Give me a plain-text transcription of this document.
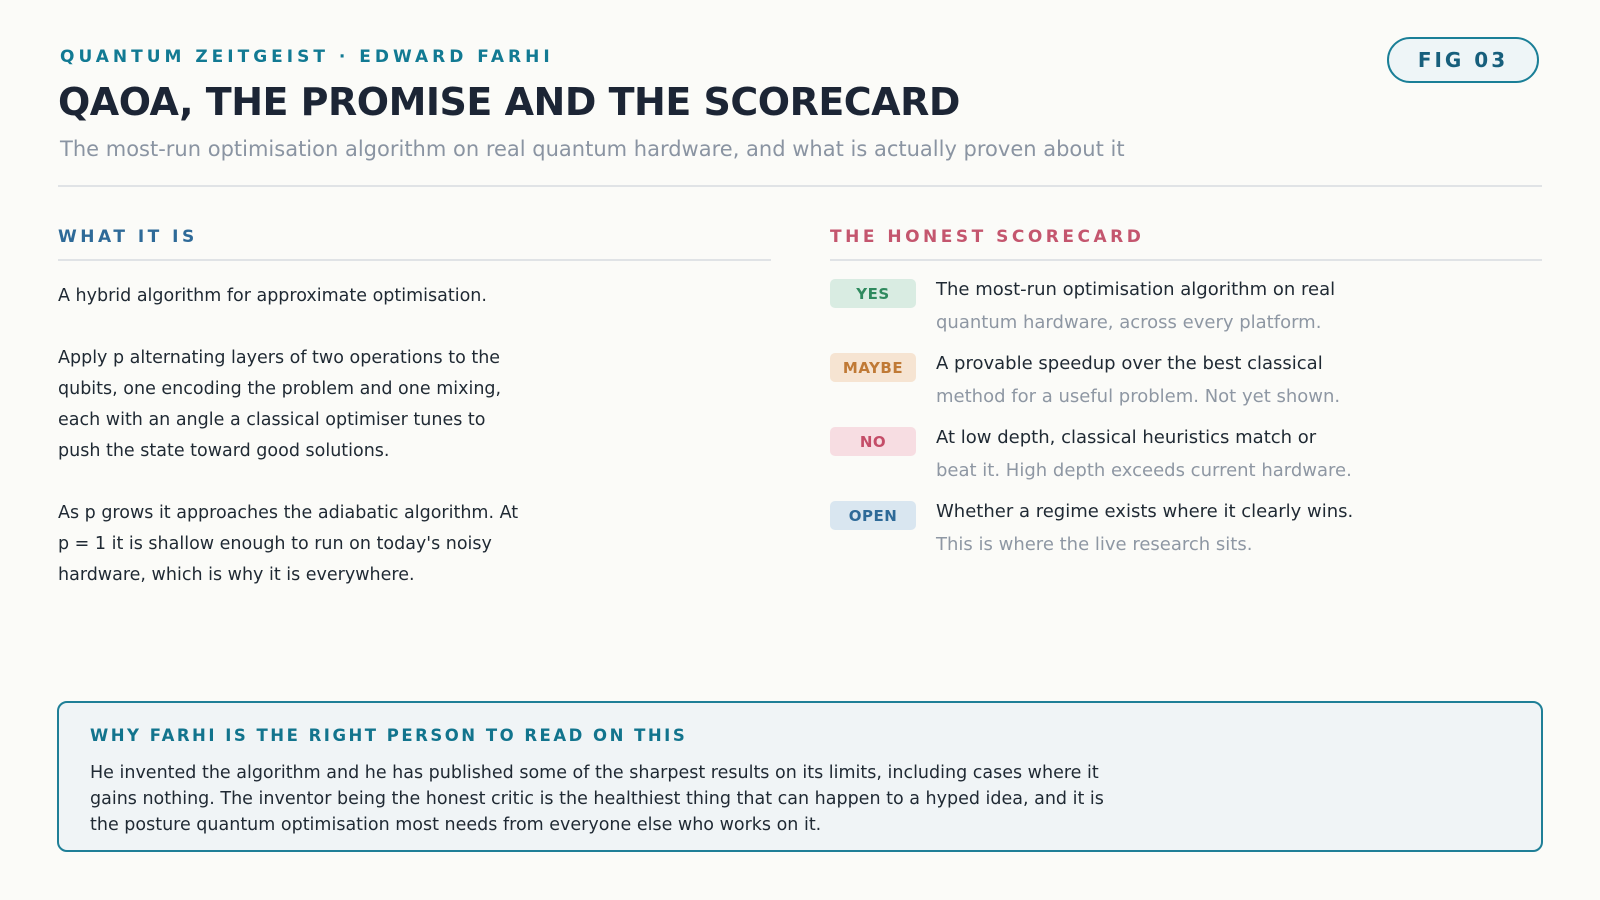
QUANTUM ZEITGEIST · EDWARD FARHI	FIG 03
QAOA, THE PROMISE AND THE SCORECARD

The most-run optimisation algorithm on real quantum hardware, and what is actually proven about it

WHAT IT IS

A hybrid algorithm for approximate optimisation.

Apply p alternating layers of two operations to the qubits, one encoding the problem and one mixing, each with an angle a classical optimiser tunes to push the state toward good solutions.

As p grows it approaches the adiabatic algorithm. At p = 1 it is shallow enough to run on today's noisy hardware, which is why it is everywhere.

THE HONEST SCORECARD
YES	The most-run optimisation algorithm on real
quantum hardware, across every platform.
MAYBE	A provable speedup over the best classical
method for a useful problem. Not yet shown.
NO	At low depth, classical heuristics match or
beat it. High depth exceeds current hardware.
OPEN	Whether a regime exists where it clearly wins.
This is where the live research sits.
WHY FARHI IS THE RIGHT PERSON TO READ ON THIS
He invented the algorithm and he has published some of the sharpest results on its limits, including cases where it gains nothing. The inventor being the honest critic is the healthiest thing that can happen to a hyped idea, and it is the posture quantum optimisation most needs from everyone else who works on it.
